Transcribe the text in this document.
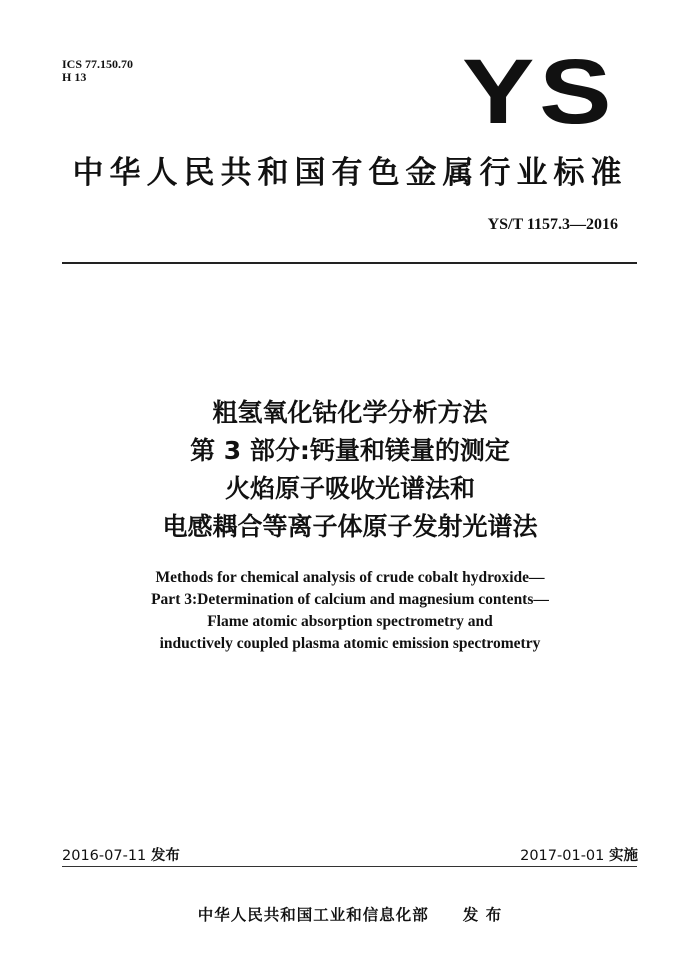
ICS 77.150.70
H 13	YS
中华人民共和国有色金属行业标准
YS/T 1157.3—2016
粗氢氧化钴化学分析方法
第 3 部分:钙量和镁量的测定
火焰原子吸收光谱法和
电感耦合等离子体原子发射光谱法
Methods for chemical analysis of crude cobalt hydroxide—
Part 3:Determination of calcium and magnesium contents—
Flame atomic absorption spectrometry and
inductively coupled plasma atomic emission spectrometry
2016-07-11 发布	2017-01-01 实施
中华人民共和国工业和信息化部 发 布
